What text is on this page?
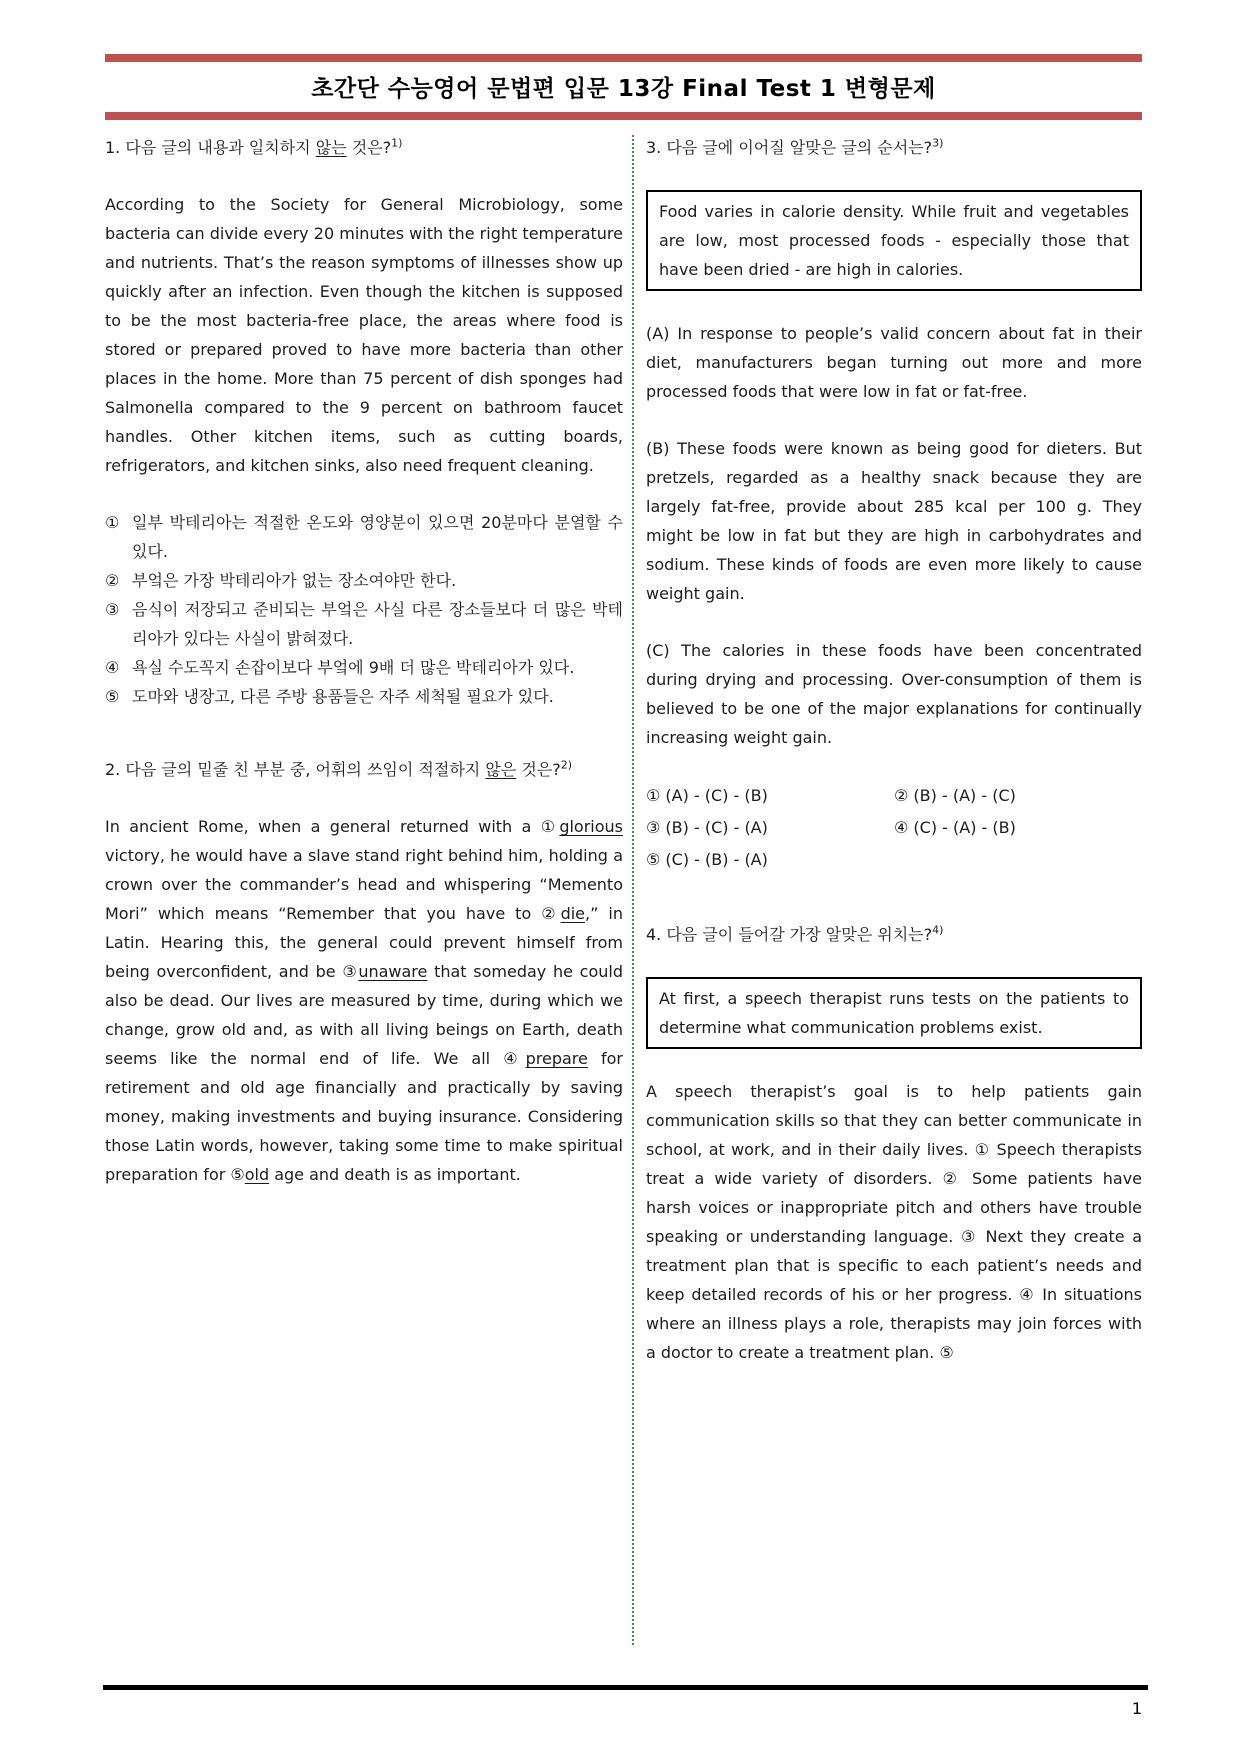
초간단 수능영어 문법편 입문 13강 Final Test 1 변형문제
1. 다음 글의 내용과 일치하지 않는 것은?$^{1)}$
According to the Society for General Microbiology, some bacteria can divide every 20 minutes with the right temperature and nutrients. That’s the reason symptoms of illnesses show up quickly after an infection. Even though the kitchen is supposed to be the most bacteria-free place, the areas where food is stored or prepared proved to have more bacteria than other places in the home. More than 75 percent of dish sponges had Salmonella compared to the 9 percent on bathroom faucet handles. Other kitchen items, such as cutting boards, refrigerators, and kitchen sinks, also need frequent cleaning.
① 일부 박테리아는 적절한 온도와 영양분이 있으면 20분마다 분열할 수 있다.
② 부엌은 가장 박테리아가 없는 장소여야만 한다.
③ 음식이 저장되고 준비되는 부엌은 사실 다른 장소들보다 더 많은 박테리아가 있다는 사실이 밝혀졌다.
④ 욕실 수도꼭지 손잡이보다 부엌에 9배 더 많은 박테리아가 있다.
⑤ 도마와 냉장고, 다른 주방 용품들은 자주 세척될 필요가 있다.
2. 다음 글의 밑줄 친 부분 중, 어휘의 쓰임이 적절하지 않은 것은?$^{2)}$
In ancient Rome, when a general returned with a ①glorious victory, he would have a slave stand right behind him, holding a crown over the commander’s head and whispering “Memento Mori” which means “Remember that you have to ②die,” in Latin. Hearing this, the general could prevent himself from being overconfident, and be ③unaware that someday he could also be dead. Our lives are measured by time, during which we change, grow old and, as with all living beings on Earth, death seems like the normal end of life. We all ④prepare for retirement and old age financially and practically by saving money, making investments and buying insurance. Considering those Latin words, however, taking some time to make spiritual preparation for ⑤old age and death is as important.
3. 다음 글에 이어질 알맞은 글의 순서는?$^{3)}$
Food varies in calorie density. While fruit and vegetables are low, most processed foods - especially those that have been dried - are high in calories.
(A) In response to people’s valid concern about fat in their diet, manufacturers began turning out more and more processed foods that were low in fat or fat-free.
(B) These foods were known as being good for dieters. But pretzels, regarded as a healthy snack because they are largely fat-free, provide about 285 kcal per 100 g. They might be low in fat but they are high in carbohydrates and sodium. These kinds of foods are even more likely to cause weight gain.
(C) The calories in these foods have been concentrated during drying and processing. Over-consumption of them is believed to be one of the major explanations for continually increasing weight gain.
① (A) - (C) - (B)	② (B) - (A) - (C)
③ (B) - (C) - (A)	④ (C) - (A) - (B)
⑤ (C) - (B) - (A)
4. 다음 글이 들어갈 가장 알맞은 위치는?$^{4)}$
At first, a speech therapist runs tests on the patients to determine what communication problems exist.
A speech therapist’s goal is to help patients gain communication skills so that they can better communicate in school, at work, and in their daily lives. ① Speech therapists treat a wide variety of disorders. ② Some patients have harsh voices or inappropriate pitch and others have trouble speaking or understanding language. ③ Next they create a treatment plan that is specific to each patient’s needs and keep detailed records of his or her progress. ④ In situations where an illness plays a role, therapists may join forces with a doctor to create a treatment plan. ⑤
1
